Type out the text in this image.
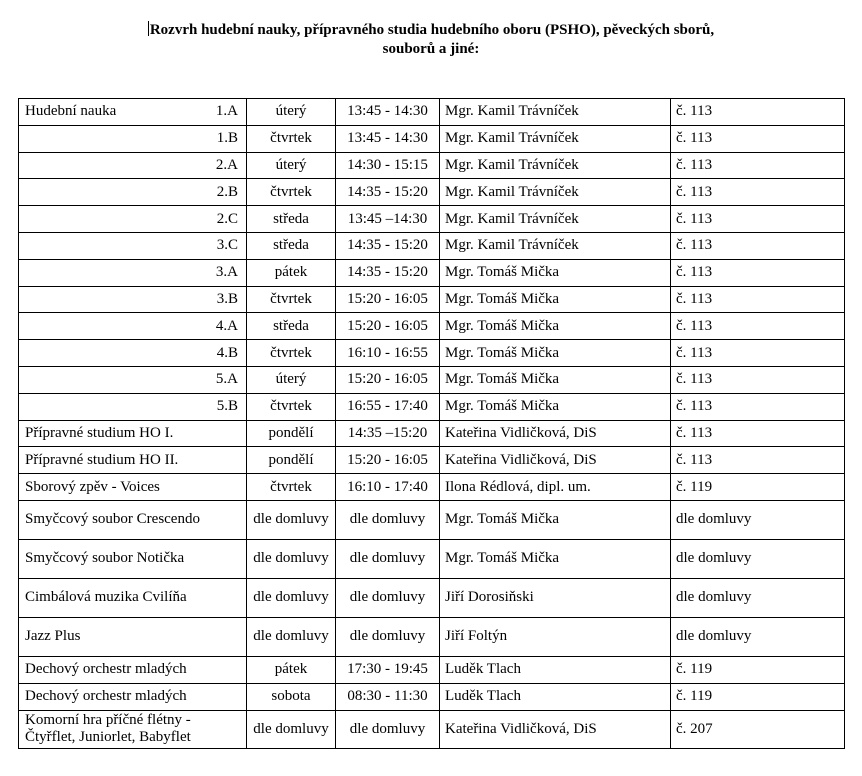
Rozvrh hudební nauky, přípravného studia hudebního oboru (PSHO), pěveckých sborů,
souborů a jiné:
Hudební nauka 1.A	úterý	13:45 - 14:30	Mgr. Kamil Trávníček	č. 113

1.B	čtvrtek	13:45 - 14:30	Mgr. Kamil Trávníček	č. 113

2.A	úterý	14:30 - 15:15	Mgr. Kamil Trávníček	č. 113

2.B	čtvrtek	14:35 - 15:20	Mgr. Kamil Trávníček	č. 113

2.C	středa	13:45 –14:30	Mgr. Kamil Trávníček	č. 113

3.C	středa	14:35 - 15:20	Mgr. Kamil Trávníček	č. 113

3.A	pátek	14:35 - 15:20	Mgr. Tomáš Mička	č. 113

3.B	čtvrtek	15:20 - 16:05	Mgr. Tomáš Mička	č. 113

4.A	středa	15:20 - 16:05	Mgr. Tomáš Mička	č. 113

4.B	čtvrtek	16:10 - 16:55	Mgr. Tomáš Mička	č. 113

5.A	úterý	15:20 - 16:05	Mgr. Tomáš Mička	č. 113

5.B	čtvrtek	16:55 - 17:40	Mgr. Tomáš Mička	č. 113
Přípravné studium HO I.	pondělí	14:35 –15:20	Kateřina Vidličková, DiS	č. 113
Přípravné studium HO II.	pondělí	15:20 - 16:05	Kateřina Vidličková, DiS	č. 113
Sborový zpěv - Voices	čtvrtek	16:10 - 17:40	Ilona Rédlová, dipl. um.	č. 119
Smyčcový soubor Crescendo	dle domluvy	dle domluvy	Mgr. Tomáš Mička	dle domluvy
Smyčcový soubor Notička	dle domluvy	dle domluvy	Mgr. Tomáš Mička	dle domluvy
Cimbálová muzika Cvilíňa	dle domluvy	dle domluvy	Jiří Dorosiňski	dle domluvy
Jazz Plus	dle domluvy	dle domluvy	Jiří Foltýn	dle domluvy
Dechový orchestr mladých	pátek	17:30 - 19:45	Luděk Tlach	č. 119
Dechový orchestr mladých	sobota	08:30 - 11:30	Luděk Tlach	č. 119
Komorní hra příčné flétny - Čtyřflet, Juniorlet, Babyflet	dle domluvy	dle domluvy	Kateřina Vidličková, DiS	č. 207
